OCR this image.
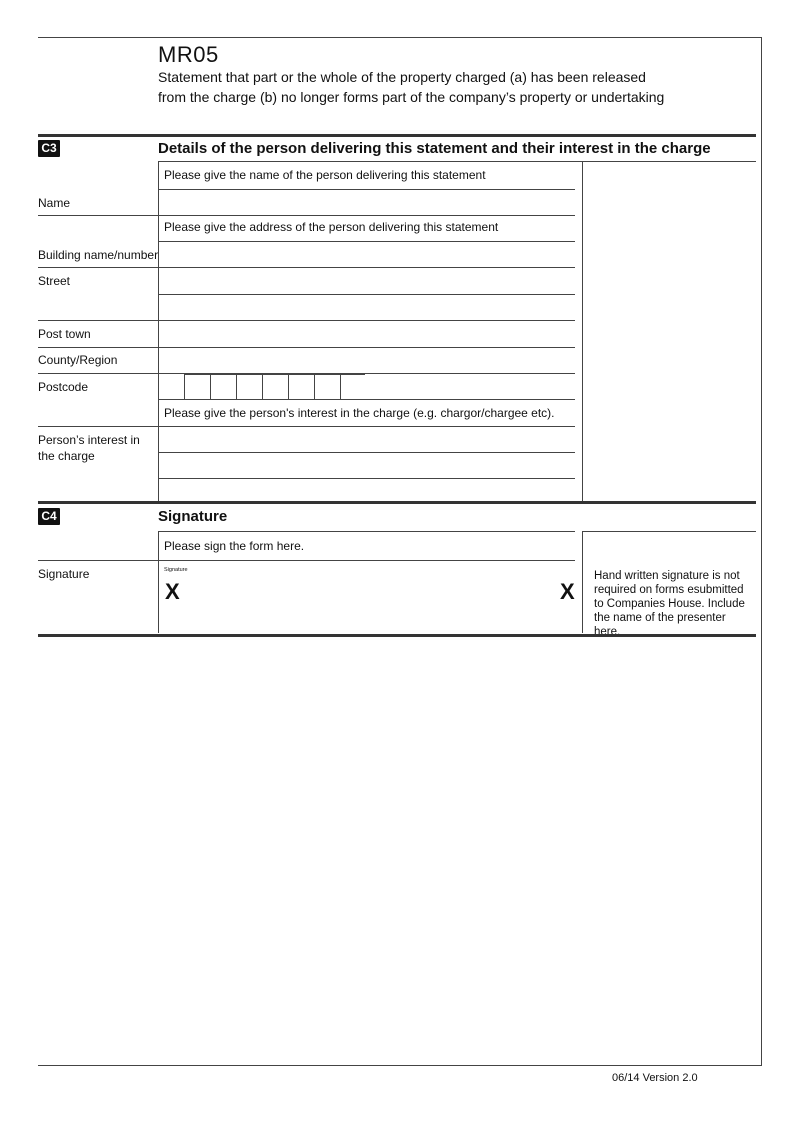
MR05
Statement that part or the whole of the property charged (a) has been released
from the charge (b) no longer forms part of the company’s property or undertaking
C3	Details of the person delivering this statement and their interest in the charge
Please give the name of the person delivering this statement
Name
Please give the address of the person delivering this statement
Building name/number
Street
Post town
County/Region
Postcode
Please give the person's interest in the charge (e.g. chargor/chargee etc).
Person’s interest in
the charge
C4	Signature
Please sign the form here.
Signature	Signature
X	X
Hand written signature is not required on forms esubmitted to Companies House. Include the name of the presenter here.
06/14 Version 2.0
